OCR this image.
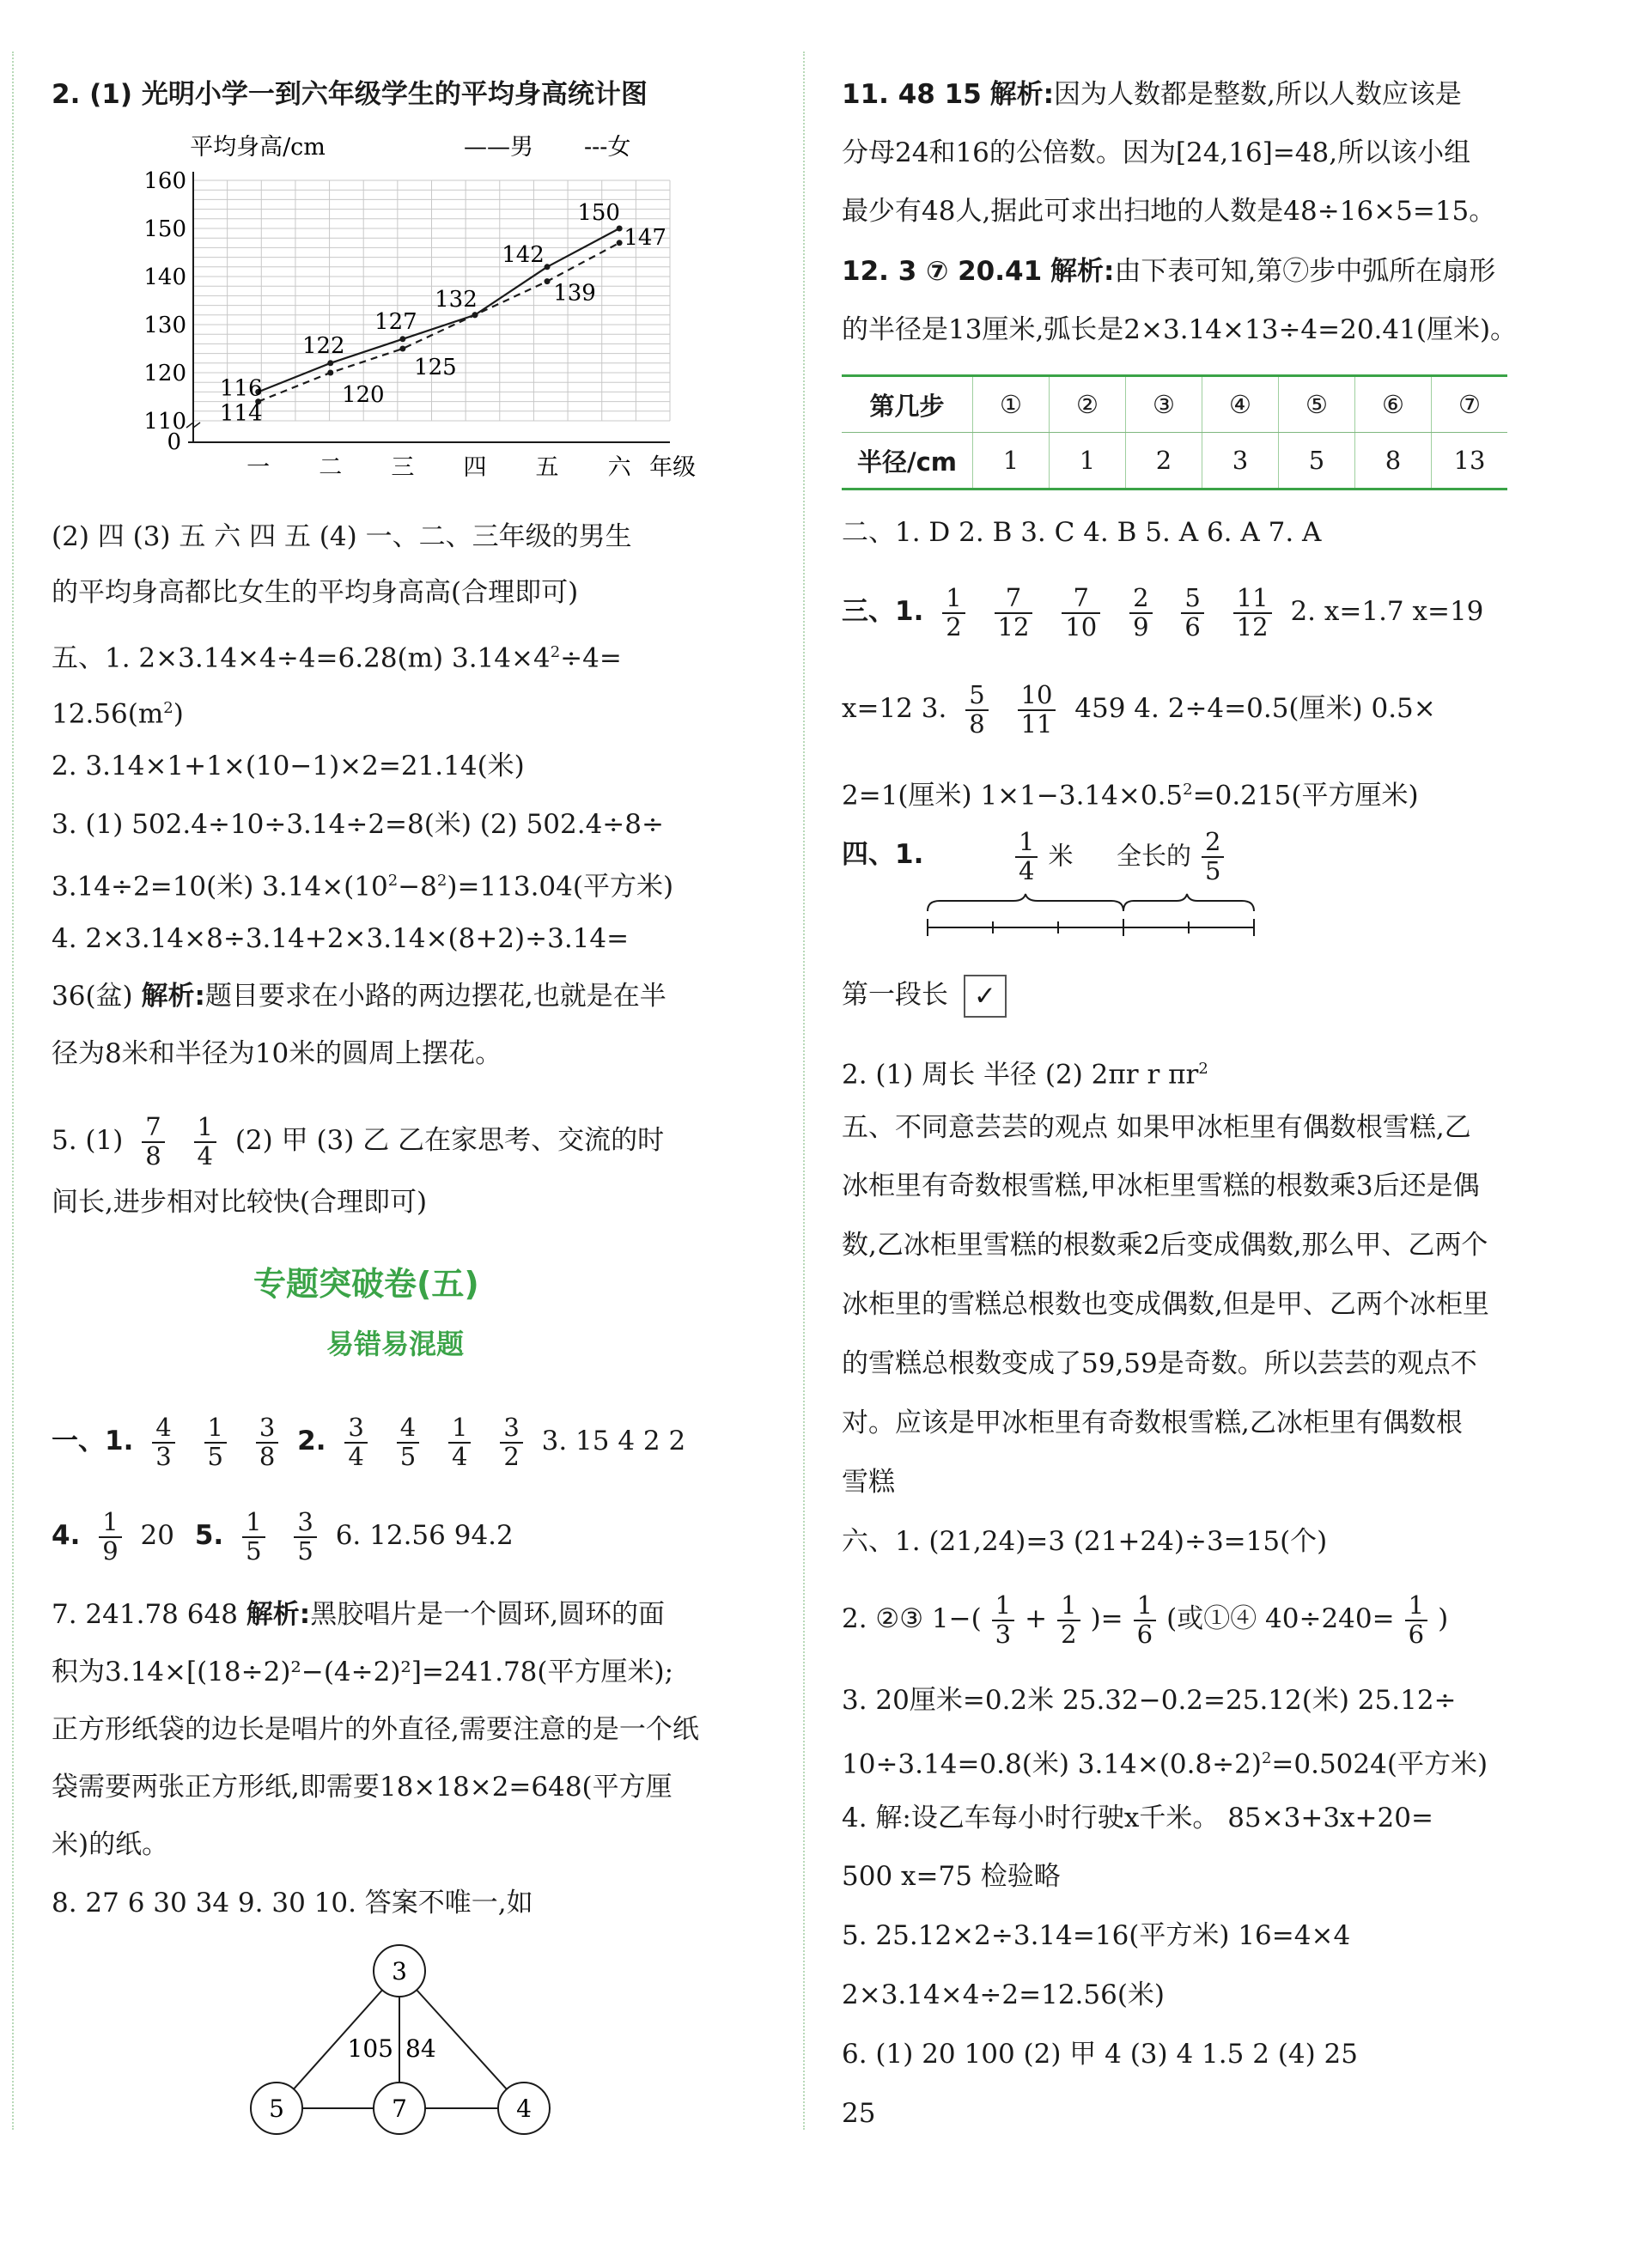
2. (1) 光明小学一到六年级学生的平均身高统计图
平均身高/cm	——男 ---女
110
120
130
140
150
160
0
一 二 三 四 五 六 年级
116
114
122
120
127
125
132
142
139
150
147
(2) 四 (3) 五 六 四 五 (4) 一、二、三年级的男生
的平均身高都比女生的平均身高高(合理即可)
五、1. 2×3.14×4÷4=6.28(m) $3.14\times 4^2\div 4=$
$12.56(m^2)$
2. 3.14×1+1×(10−1)×2=21.14(米)
3. (1) 502.4÷10÷3.14÷2=8(米) (2) 502.4÷8÷
3.14÷2=10(米) $3.14\times(10^2-8^2)=113.04$(平方米)
4. 2×3.14×8÷3.14+2×3.14×(8+2)÷3.14=
36(盆) 解析:题目要求在小路的两边摆花,也就是在半
径为8米和半径为10米的圆周上摆花。
5. $(1) \frac{7}{8}$
$\frac{1}{4} (2)$ 甲 (3) 乙 乙在家思考、交流的时
间长,进步相对比较快(合理即可)
专题突破卷(五)
易错易混题
一、1. $\frac{4}{3}$
$\frac{1}{5}$
$\frac{3}{8} 2$. $\frac{3}{4}$
$\frac{4}{5}$
$\frac{1}{4}$
$\frac{3}{2} 3$. 15 4 2 2
4. $\frac{1}{9} 20$ 5. $\frac{1}{5}$
$\frac{3}{5} 6$. 12.56 94.2
7. 241.78 648 解析:黑胶唱片是一个圆环,圆环的面
积为3.14×[(18÷2)²−(4÷2)²]=241.78(平方厘米);
正方形纸袋的边长是唱片的外直径,需要注意的是一个纸
袋需要两张正方形纸,即需要18×18×2=648(平方厘
米)的纸。
8. 27 6 30 34 9. 30 10. 答案不唯一,如
3
5	7	4
105 84
11. 48 15 解析:因为人数都是整数,所以人数应该是
分母24和16的公倍数。因为[24,16]=48,所以该小组
最少有48人,据此可求出扫地的人数是48÷16×5=15。
12. 3 ⑦ 20.41 解析:由下表可知,第⑦步中弧所在扇形
的半径是13厘米,弧长是2×3.14×13÷4=20.41(厘米)。
第几步	①	②	③	④	⑤	⑥	⑦
半径/cm	1	1	2	3	5	8	13
二、1. D 2. B 3. C 4. B 5. A 6. A 7. A
三、1. $\frac{1}{2}$
$\frac{7}{12}$
$\frac{7}{10}$
$\frac{2}{9}$
$\frac{5}{6}$
$\frac{11}{12} 2$. x=1.7 x=19
x=12 3. $\frac{5}{8}$
$\frac{10}{11} 459$ 4. 2÷4=0.5(厘米) 0.5×
2=1(厘米) $1\times 1-3.14\times 0.5^2=0.215$(平方厘米)
四、1.	$\frac{1}{4}$ 米 全长的 $\frac{2}{5}$
第一段长 ✓
2. (1) 周长 半径 (2) 2πr r $\pi r^2$
五、不同意芸芸的观点 如果甲冰柜里有偶数根雪糕,乙
冰柜里有奇数根雪糕,甲冰柜里雪糕的根数乘3后还是偶
数,乙冰柜里雪糕的根数乘2后变成偶数,那么甲、乙两个
冰柜里的雪糕总根数也变成偶数,但是甲、乙两个冰柜里
的雪糕总根数变成了59,59是奇数。所以芸芸的观点不
对。应该是甲冰柜里有奇数根雪糕,乙冰柜里有偶数根
雪糕
六、1. (21,24)=3 (21+24)÷3=15(个)
2. ②③ $1-( \frac{1}{3} + \frac{1}{2}$ )= $\frac{1}{6}$ (或①④ $40\div 240= \frac{1}{6}$ )
3. 20厘米=0.2米 25.32−0.2=25.12(米) 25.12÷
10÷3.14=0.8(米) $3.14\times(0.8\div 2)^2=0.5024$(平方米)
4. 解:设乙车每小时行驶x千米。 85×3+3x+20=
500 x=75 检验略
5. 25.12×2÷3.14=16(平方米) 16=4×4
2×3.14×4÷2=12.56(米)
6. (1) 20 100 (2) 甲 4 (3) 4 1.5 2 (4) 25
25
